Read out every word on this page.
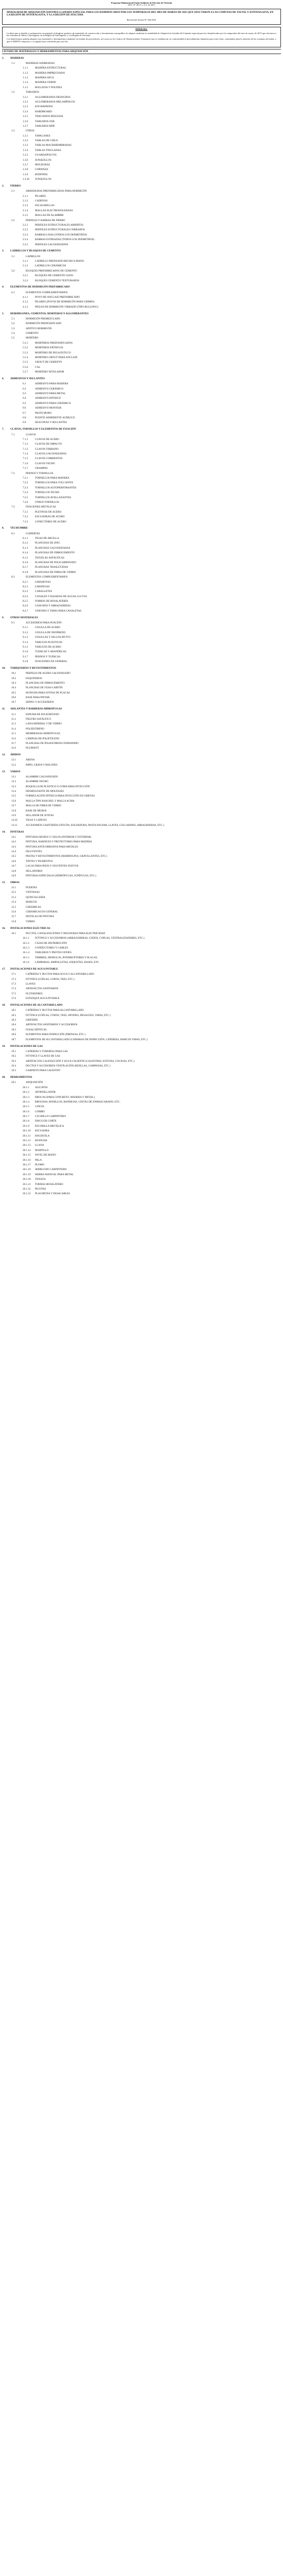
Programa Habitacional Fondo Solidario de Elección de Vivienda
(D.S. N° 49 (V. y U.), de 2011
MODALIDAD DE ADQUISICIÓN ASISTIDA LLAMADO ESPECIAL PARA LOS DAMNIFICADOS POR LOS TEMPORALES DEL MES DE MARZO DE 2015 QUE AFECTARON A LAS COMUNAS DE TALTAL Y ANTOFAGASTA, EN LA REGIÓN DE ANTOFAGASTA, Y A LA REGIÓN DE ATACAMA
Resolución Exenta N° 434/2015
Definición:

La línea que se detalla a continuación corresponde al desglose genérico de materiales de construcción y herramientas susceptibles de adquirir mediante la modalidad de Adquisición Asistida del Llamado especial para los damnificados por los temporales del mes de marzo de 2015 que afectaron a las comunas de Taltal y Antofagasta, en la Región de Antofagasta, y a la Región de Atacama.

Los beneficiarios podrán adquirir esos materiales y herramientas solamente en tiendas de proveedores, así como en los Centros de Abastecimiento Transitorio que se establezcan, en conformidad al procedimiento dispuesto para estos fines, contratados para la atención de las comunas afectadas, y que el SERVIU respectivo o su agente haya convenido para este fin.

LISTADO DE MATERIALES Y HERRAMIENTAS PARA ADQUISICIÓN
1.	MADERAS
1.1	MADERAS ASERRADAS
1.1.1	MADERA ESTRUCTURAL
1.1.2	MADERA IMPREGNADA
1.1.3	MADERA SECA
1.1.4	MADERA VERDE
1.1.5	ROLLIZOS Y POLINES
1.2	TABLEROS
1.2.1	AGLOMERADOS DESNUDOS
1.2.2	AGLOMERADOS MELAMÍNICOS
1.2.3	ENCHAPADOS
1.2.4	HARDBOARD
1.2.5	TERCIADOS MOLDAJE
1.2.6	TABLEROS OSB
1.2.7	TABLEROS MDF
1.3	OTROS
1.3.1	TAPACANES
1.3.2	TABLAS DE CIELO
1.3.3	TABLAS MACHIHEMBRADAS
1.3.4	TABLAS TINGLADAS
1.3.5	GUARDAPOLVOS
1.3.6	JUNQUILLOS
1.3.7	MOLDURAS
1.3.8	CORNISAS
1.3.9	RODONES
1.3.10	JUNQUILLOS
2.	FIERRO
2.1	ARMADURAS PREFABRICADAS PARA HORMIGÓN
2.1.1	PILARES
2.1.2	CADENAS
2.1.3	ESCALERILLAS
2.1.4	MALLAS ELECTROSOLDADAS
2.1.5	MALLAS DE ALAMBRE
2.2	PERFILES Y BARRAS DE FIERRO
2.2.1	PERFILES ESTRUCTURALES ABIERTOS
2.2.2	PERFILES ESTRUCTURALES CERRADOS
2.2.3	BARRAS LISAS (TODOS LOS DIÁMETROS)
2.2.4	BARRAS ESTRIADAS (TODOS LOS DIÁMETROS)
2.2.5	PERFILES GALVANIZADOS
3.	LADRILLOS Y BLOQUES DE CEMENTO
3.1	LADRILLOS
3.1.1	LADRILLO PRENSADO HECHO A MANO
3.1.2	LADRILLOS CERÁMICOS
3.2	BLOQUES PREFABRICADOS DE CEMENTO
3.2.1	BLOQUES DE CEMENTO LISOS
3.2.2	BLOQUES CEMENTO TEXTURADOS
4.	ELEMENTOS DE HORMIGÓN PREFABRICADO
4.1	ELEMENTOS COMPLEMENTARIOS
4.1.1	POYO DE ANCLAJE PREFABRICADO
4.1.2	PILARES (POYOS DE HORMIGÓN PARA CIERRO)
4.1.3	PIEZAS DE HORMIGÓN VIBRADO (TIPO BULLDOG)
5.	HORMIGONES, CEMENTOS, MORTEROS Y AGLOMERANTES
5.1	HORMIGÓN PREMEZCLADO
5.2	HORMIGÓN PREDOSIFICADO
5.3	ADITIVO HORMIGÓN
5.4	CEMENTO
5.5	MORTERO
5.5.1	MORTEROS PREDOSIFICADOS
5.5.2	MORTEROS EPÓXICOS
5.5.3	MORTERO DE PEGA/ESTUCO
5.5.4	MORTERO GROUT PARA ANCLAJE
5.5.5	GROUT DE CEMENTO
5.5.6	CAL
5.5.7	MORTERO NIVELADOR
6.	ADHESIVOS Y SELLANTES
6.1	ADHESIVO PARA MADERA
6.2	ADHESIVO CERÁMICO
6.3	ADHESIVO PARA METAL
6.4	ADHESIVO EPÓXICO
6.5	ADHESIVO PARA CERÁMICA
6.6	ADHESIVO MONTAJE
6.7	PASTA MURO
6.8	PUENTE ADHERENTE ACRÍLICO
6.9	SILICONAS Y SELLANTES
7.	CLAVOS, TORNILLOS Y ELEMENTOS DE FIJACIÓN
7.1	CLAVOS
7.1.1	CLAVOS DE ACERO
7.1.2	CLAVOS DE IMPACTO
7.1.3	CLAVOS TERRANO
7.1.4	CLAVOS GALVANIZADOS
7.1.5	CLAVOS CORRIENTES
7.1.6	CLAVOS TECHO
7.1.7	GRAMPAS
7.2	PERNOS Y TORNILLOS
7.2.1	TORNILLOS PARA MADERA
7.2.2	TORNILLOS PARA VOLCANITA
7.2.3	TORNILLOS AUTOPERFORANTES
7.2.4	TORNILLOS TECHO
7.2.5	TORNILLOS AVELLANANTES
7.2.6	OTROS TORNILLOS
7.3	FIJACIONES METÁLICAS
7.3.1	PLETINAS DE ACERO
7.3.2	ESCUADRAS DE ACERO
7.3.3	CONECTORES DE ACERO
8.	TECHUMBRE
8.1	CUBIERTAS
8.1.1	TEJAS DE ARCILLA
8.1.2	PLANCHAS DE ZINC
8.1.3	PLANCHAS GALVANIZADAS
8.1.4	PLANCHAS DE FIBROCEMENTO
8.1.5	TEJUELAS ASFÁLTICAS
8.1.6	PLANCHAS DE POLICARBONATO
8.1.7	PLANCHAS TRASLÚCIDAS
8.1.8	PLANCHAS DE FIBRA DE VIDRIO
8.2	ELEMENTOS COMPLEMENTARIOS
8.2.1	LIMAHOYAS
8.2.2	LIMATESAS
8.2.3	CABALLETES
8.2.4	CANALES Y BAJADAS DE AGUAS LLUVIA
8.2.5	FORROS DE HOJALATERÍA
8.2.6	GANCHOS Y ABRAZADERAS
8.2.7	UNIONES Y TAPAS PARA CANALETAS
9.	OTROS MATERIALES
9.1	ACCESORIOS PARA FIJACIÓN
9.1.1	GOLILLA DE ACERO
9.1.2	GOLILLA DE NEOPRENO
9.1.3	GOLILLAS Y SELLOS DE PVC
9.1.4	TARUGOS PLÁSTICOS
9.1.5	TARUGOS DE ACERO
9.1.6	TUERCAS Y ARANDELAS
9.1.7	PERNOS Y TUERCAS
9.1.8	FIJACIONES EN GENERAL
10.	TABIQUERÍAS Y REVESTIMIENTOS
10.1	PERFILES DE ACERO GALVANIZADO
10.2	ESQUINEROS
10.3	PLANCHAS DE FIBROCEMENTO
10.4	PLANCHAS DE YESO-CARTÓN
10.5	HUINCHA PARA JUNTAS DE PLACAS
10.6	BASE PARA PINTAR
10.7	SIDING Y ACCESORIOS
11.	AISLANTES Y BARRERAS HIDRÓFUGAS
11.1	ESPUMA DE POLIURETANO
11.2	FIELTRO ASFÁLTICO
11.3	LANA MINERAL Y DE VIDRIO
11.4	POLIESTIRENO
11.5	MEMBRANAS HIDRÓFUGAS
11.6	LÁMINAS DE POLIETILENO
11.7	PLANCHAS DE POLIESTIRENO EXPANDIDO
11.8	PLUMAVIT
12.	ÁRIDOS
12.1	ARENA
12.2	RIPIO, GRAVA Y BOLONES
13.	VARIOS
13.1	ALAMBRE GALVANIZADO
13.2	ALAMBRE NEGRO
13.3	BOQUILLA DE PLÁSTICO O GOMA PARA INYECCIÓN
13.4	DESMOLDANTE DE MOLDAJES
13.5	FORMULACIÓN EPÓXICA PARA INYECCIÓN EN GRIETAS
13.6	MALLA TIPO RASCHEL Y MALLA ACMA
13.7	MALLA DE FIBRA DE VIDRIO
13.8	BASE DE MUROS
13.9	SELLADOR DE JUNTAS
13.10	TIZAS Y LÁPICES
13.11	ACCESORIOS GASFITERÍA (TEFLÓN, SOLDADURA, PASTA SOLDAR, LLAVES, COLLARINES, ABRAZADERAS, ETC.)
14.	PINTURAS
14.1	PINTURAS MUROS Y CIELOS (INTERIOR Y EXTERIOR)
14.2	PINTURA, BARNICES Y PROTECTORES PARA MADERA
14.3	PINTURA ANTICORROSIVA PARA METALES
14.4	DILUYENTES
14.5	PASTAS Y REVESTIMIENTOS (MARMOLINA, GRAVILLANTES, ETC.)
14.6	TINTES Y PIGMENTOS
14.7	LACAS PARA PISOS Y SOLVENTES NUEVOS
14.8	SELLADORES
14.9	PINTURAS ESPECIALES (HIDRÓFUGAS, IGNÍFUGAS, ETC.)
15.	OBRAS
15.1	PUERTAS
15.2	VENTANAS
15.3	QUINCALLERÍA
15.4	MARCOS
15.5	CERÁMICAS
15.6	CERÁMICAS EN GENERAL
15.7	PISTOLAS DE PINTURA
15.8	VIDRIO
16.	INSTALACIONES ELÉCTRICAS
16.1	DUCTOS, CANALIZACIONES Y MOLDURAS PARA ELECTRICIDAD
16.1.1	FITTINGS Y ACCESORIOS (ABRAZADERAS, CODOS, COPLAS, CENTRALIZADORES, ETC.)
16.1.2	CAJAS DE DISTRIBUCIÓN
16.1.3	CONDUCTORES Y CABLES
16.1.4	TABLEROS Y PROTECCIONES
16.1.5	TIMBRES, MODULOS, INTERRUPTORES Y PLACAS
16.1.6	LÁMPARAS, AMPOLLETAS, SOQUETES, BASES, ETC.
17.	INSTALACIONES DE AGUA POTABLE
17.1	CAÑERÍAS Y DUCTOS PARA AGUA Y ALCANTARILLADO
17.2	FITTINGS (COPLAS, CODOS, TEES, ETC.)
17.3	LLAVES
17.4	ARTEFACTOS SANITARIOS
17.5	FLOTADORES
17.6	ESTANQUE AGUA POTABLE
18.	INSTALACIONES DE ALCANTARILLADO
18.1	CAÑERÍAS Y DUCTOS PARA ALCANTARILLADO
18.2	FITTINGS (COPLAS, CODOS, TEES, SIFONES, DESAGÜES, TAPAS, ETC.)
18.3	GRIFERÍA
18.4	ARTEFACTOS SANITARIOS Y ACCESORIOS
18.5	FOSAS SÉPTICAS
18.6	ELEMENTOS PARA INSPECCIÓN (PRENSAS, ETC.)
18.7	ELEMENTOS DE ALCANTARILLADO (CÁMARAS DE INSPECCIÓN, CAÑERÍAS, MARCOS TAPAS, ETC.)
19.	INSTALACIONES DE GAS
19.1	CAÑERÍAS Y TUBERÍAS PARA GAS
19.2	FITTINGS Y LLAVES DE GAS
19.3	ARTEFACTOS CALEFACCIÓN Y AGUA CALIENTE (CALEFONES, ESTUFAS, COCINAS, ETC.)
19.4	DUCTOS Y ACCESORIOS VENTILACIÓN (REJILLAS, CAMPANAS, ETC.)
19.5	GABINETE PARA CALEFONT
20.	HERRAMIENTAS
20.1	ADQUISICIÓN
20.1.1	ALICATES
20.1.2	ATORNILLADOR
20.1.3	BROCAS (PARA CONCRETO, MADERA Y METAL)
20.1.4	BROCHAS, RODILLOS, BANDEJAS, CINTAS DE ENMASCARADO, ETC.
20.1.5	CINCEL
20.1.6	COMBO
20.1.7	CUCHILLO CARPINTERO
20.1.8	DISCO DE CORTE
20.1.9	ESCOBILLA METÁLICA
20.1.10	ESCUADRA
20.1.11	HACHUELA
20.1.12	HUINCHA
20.1.13	LLANA
20.1.14	MARTILLO
20.1.15	NIVEL DE MANO
20.1.16	PALA
20.1.17	PLOMO
20.1.18	SERRUCHO CARPINTERO
20.1.19	SIERRA MANUAL PARA METAL
20.1.20	TENAZA
20.1.21	TIJERAS HOJALATERO
20.1.22	PICOTAS
20.1.23	PLACHETAS Y PASACABLES
